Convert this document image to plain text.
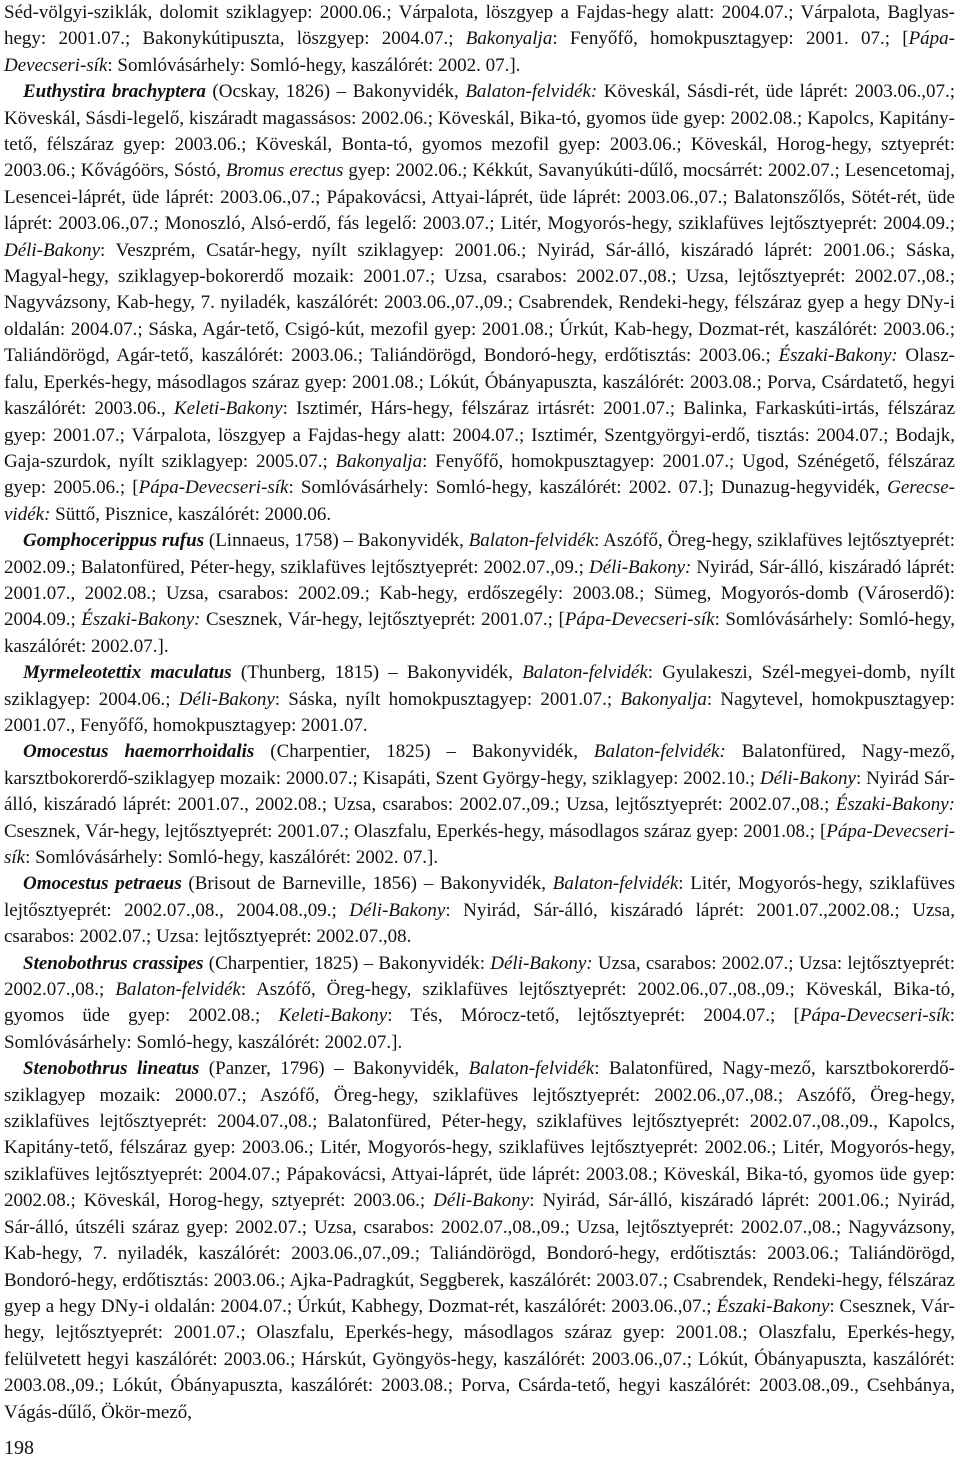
Séd-völgyi-sziklák, dolomit sziklagyep: 2000.06.; Várpalota, löszgyep a Fajdas-hegy alatt: 2004.07.; Várpalota, Baglyas-hegy: 2001.07.; Bakonykútipuszta, löszgyep: 2004.07.; Bakonyalja: Fenyőfő, homokpusztagyep: 2001. 07.; [Pápa-Devecseri-sík: Somlóvásárhely: Somló-hegy, kaszálórét: 2002. 07.].

Euthystira brachyptera (Ocskay, 1826) – Bakonyvidék, Balaton-felvidék: Köveskál, Sásdi-rét, üde láprét: 2003.06.,07.; Köveskál, Sásdi-legelő, kiszáradt magassásos: 2002.06.; Köveskál, Bika-tó, gyomos üde gyep: 2002.08.; Kapolcs, Kapitány-tető, félszáraz gyep: 2003.06.; Köveskál, Bonta-tó, gyomos mezofil gyep: 2003.06.; Köveskál, Horog-hegy, sztyeprét: 2003.06.; Kővágóörs, Sóstó, Bromus erectus gyep: 2002.06.; Kékkút, Savanyúkúti-dűlő, mocsárrét: 2002.07.; Lesencetomaj, Lesencei-láprét, üde láprét: 2003.06.,07.; Pápakovácsi, Attyai-láprét, üde láprét: 2003.06.,07.; Balatonszőlős, Sötét-rét, üde láprét: 2003.06.,07.; Monoszló, Alsó-erdő, fás legelő: 2003.07.; Litér, Mogyorós-hegy, sziklafüves lejtősztyeprét: 2004.09.; Déli-Bakony: Veszprém, Csatár-hegy, nyílt sziklagyep: 2001.06.; Nyirád, Sár-álló, kiszáradó láprét: 2001.06.; Sáska, Magyal-hegy, sziklagyep-bokorerdő mozaik: 2001.07.; Uzsa, csarabos: 2002.07.,08.; Uzsa, lejtősztyeprét: 2002.07.,08.; Nagyvázsony, Kab-hegy, 7. nyiladék, kaszálórét: 2003.06.,07.,09.; Csabrendek, Rendeki-hegy, félszáraz gyep a hegy DNy-i oldalán: 2004.07.; Sáska, Agár-tető, Csigó-kút, mezofil gyep: 2001.08.; Úrkút, Kab-hegy, Dozmat-rét, kaszálórét: 2003.06.; Taliándörögd, Agár-tető, kaszálórét: 2003.06.; Taliándörögd, Bondoró-hegy, erdőtisztás: 2003.06.; Északi-Bakony: Olaszfalu, Eperkés-hegy, másodlagos száraz gyep: 2001.08.; Lókút, Óbányapuszta, kaszálórét: 2003.08.; Porva, Csárdatető, hegyi kaszálórét: 2003.06., Keleti-Bakony: Isztimér, Hárs-hegy, félszáraz irtásrét: 2001.07.; Balinka, Farkaskúti-irtás, félszáraz gyep: 2001.07.; Várpalota, löszgyep a Fajdas-hegy alatt: 2004.07.; Isztimér, Szentgyörgyi-erdő, tisztás: 2004.07.; Bodajk, Gaja-szurdok, nyílt sziklagyep: 2005.07.; Bakonyalja: Fenyőfő, homokpusztagyep: 2001.07.; Ugod, Szénégető, félszáraz gyep: 2005.06.; [Pápa-Devecseri-sík: Somlóvásárhely: Somló-hegy, kaszálórét: 2002. 07.]; Dunazug-hegyvidék, Gerecse-vidék: Süttő, Pisznice, kaszálórét: 2000.06.

Gomphocerippus rufus (Linnaeus, 1758) – Bakonyvidék, Balaton-felvidék: Aszófő, Öreg-hegy, sziklafüves lejtősztyeprét: 2002.09.; Balatonfüred, Péter-hegy, sziklafüves lejtősztyeprét: 2002.07.,09.; Déli-Bakony: Nyirád, Sár-álló, kiszáradó láprét: 2001.07., 2002.08.; Uzsa, csarabos: 2002.09.; Kab-hegy, erdőszegély: 2003.08.; Sümeg, Mogyorós-domb (Városerdő): 2004.09.; Északi-Bakony: Csesznek, Vár-hegy, lejtősztyeprét: 2001.07.; [Pápa-Devecseri-sík: Somlóvásárhely: Somló-hegy, kaszálórét: 2002.07.].

Myrmeleotettix maculatus (Thunberg, 1815) – Bakonyvidék, Balaton-felvidék: Gyulakeszi, Szél-megyei-domb, nyílt sziklagyep: 2004.06.; Déli-Bakony: Sáska, nyílt homokpusztagyep: 2001.07.; Bakonyalja: Nagytevel, homokpusztagyep: 2001.07., Fenyőfő, homokpusztagyep: 2001.07.

Omocestus haemorrhoidalis (Charpentier, 1825) – Bakonyvidék, Balaton-felvidék: Balatonfüred, Nagy-mező, karsztbokorerdő-sziklagyep mozaik: 2000.07.; Kisapáti, Szent György-hegy, sziklagyep: 2002.10.; Déli-Bakony: Nyirád Sár-álló, kiszáradó láprét: 2001.07., 2002.08.; Uzsa, csarabos: 2002.07.,09.; Uzsa, lejtősztyeprét: 2002.07.,08.; Északi-Bakony: Csesznek, Vár-hegy, lejtősztyeprét: 2001.07.; Olaszfalu, Eperkés-hegy, másodlagos száraz gyep: 2001.08.; [Pápa-Devecseri-sík: Somlóvásárhely: Somló-hegy, kaszálórét: 2002. 07.].

Omocestus petraeus (Brisout de Barneville, 1856) – Bakonyvidék, Balaton-felvidék: Litér, Mogyorós-hegy, sziklafüves lejtősztyeprét: 2002.07.,08., 2004.08.,09.; Déli-Bakony: Nyirád, Sár-álló, kiszáradó láprét: 2001.07.,2002.08.; Uzsa, csarabos: 2002.07.; Uzsa: lejtősztyeprét: 2002.07.,08.

Stenobothrus crassipes (Charpentier, 1825) – Bakonyvidék: Déli-Bakony: Uzsa, csarabos: 2002.07.; Uzsa: lejtősztyeprét: 2002.07.,08.; Balaton-felvidék: Aszófő, Öreg-hegy, sziklafüves lejtősztyeprét: 2002.06.,07.,08.,09.; Köveskál, Bika-tó, gyomos üde gyep: 2002.08.; Keleti-Bakony: Tés, Mórocz-tető, lejtősztyeprét: 2004.07.; [Pápa-Devecseri-sík: Somlóvásárhely: Somló-hegy, kaszálórét: 2002.07.].

Stenobothrus lineatus (Panzer, 1796) – Bakonyvidék, Balaton-felvidék: Balatonfüred, Nagy-mező, karsztbokorerdő-sziklagyep mozaik: 2000.07.; Aszófő, Öreg-hegy, sziklafüves lejtősztyeprét: 2002.06.,07.,08.; Aszófő, Öreg-hegy, sziklafüves lejtősztyeprét: 2004.07.,08.; Balatonfüred, Péter-hegy, sziklafüves lejtősztyeprét: 2002.07.,08.,09., Kapolcs, Kapitány-tető, félszáraz gyep: 2003.06.; Litér, Mogyorós-hegy, sziklafüves lejtősztyeprét: 2002.06.; Litér, Mogyorós-hegy, sziklafüves lejtősztyeprét: 2004.07.; Pápakovácsi, Attyai-láprét, üde láprét: 2003.08.; Köveskál, Bika-tó, gyomos üde gyep: 2002.08.; Köveskál, Horog-hegy, sztyeprét: 2003.06.; Déli-Bakony: Nyirád, Sár-álló, kiszáradó láprét: 2001.06.; Nyirád, Sár-álló, útszéli száraz gyep: 2002.07.; Uzsa, csarabos: 2002.07.,08.,09.; Uzsa, lejtősztyeprét: 2002.07.,08.; Nagyvázsony, Kab-hegy, 7. nyiladék, kaszálórét: 2003.06.,07.,09.; Taliándörögd, Bondoró-hegy, erdőtisztás: 2003.06.; Taliándörögd, Bondoró-hegy, erdőtisztás: 2003.06.; Ajka-Padragkút, Seggberek, kaszálórét: 2003.07.; Csabrendek, Rendeki-hegy, félszáraz gyep a hegy DNy-i oldalán: 2004.07.; Úrkút, Kabhegy, Dozmat-rét, kaszálórét: 2003.06.,07.; Északi-Bakony: Csesznek, Vár-hegy, lejtősztyeprét: 2001.07.; Olaszfalu, Eperkés-hegy, másodlagos száraz gyep: 2001.08.; Olaszfalu, Eperkés-hegy, felülvetett hegyi kaszálórét: 2003.06.; Hárskút, Gyöngyös-hegy, kaszálórét: 2003.06.,07.; Lókút, Óbányapuszta, kaszálórét: 2003.08.,09.; Lókút, Óbányapuszta, kaszálórét: 2003.08.; Porva, Csárda-tető, hegyi kaszálórét: 2003.08.,09., Csehbánya, Vágás-dűlő, Ökör-mező,

198
